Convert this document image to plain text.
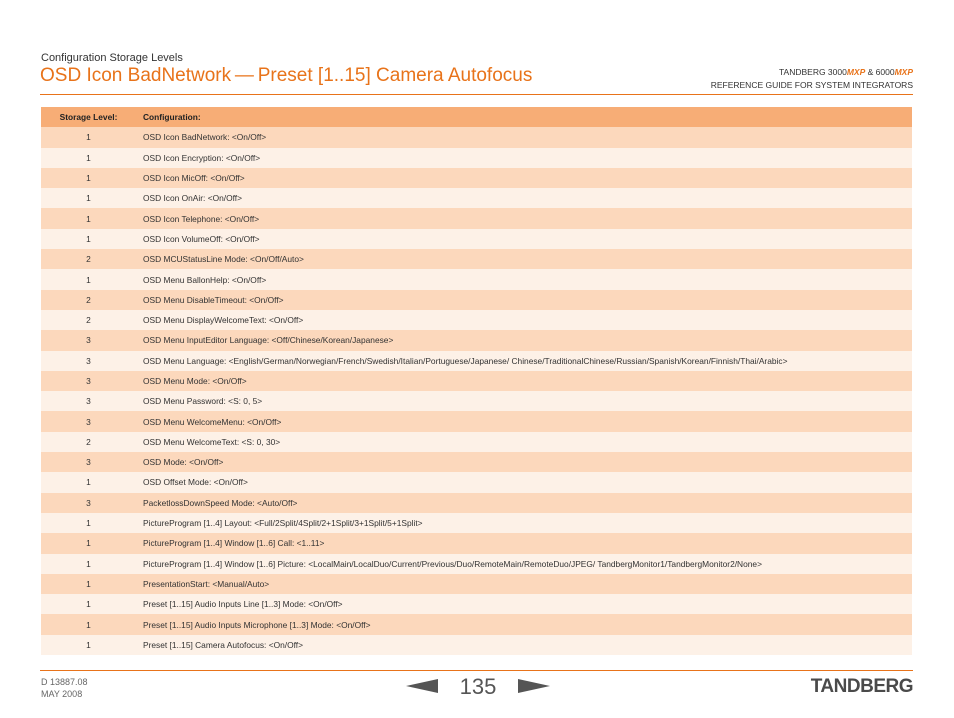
Configuration Storage Levels
OSD Icon BadNetwork — Preset [1..15] Camera Autofocus	TANDBERG 3000MXP & 6000MXP
REFERENCE GUIDE FOR SYSTEM INTEGRATORS
Storage Level:	Configuration:
1	OSD Icon BadNetwork: <On/Off>
1	OSD Icon Encryption: <On/Off>
1	OSD Icon MicOff: <On/Off>
1	OSD Icon OnAir: <On/Off>
1	OSD Icon Telephone: <On/Off>
1	OSD Icon VolumeOff: <On/Off>
2	OSD MCUStatusLine Mode: <On/Off/Auto>
1	OSD Menu BallonHelp: <On/Off>
2	OSD Menu DisableTimeout: <On/Off>
2	OSD Menu DisplayWelcomeText: <On/Off>
3	OSD Menu InputEditor Language: <Off/Chinese/Korean/Japanese>
3	OSD Menu Language: <English/German/Norwegian/French/Swedish/Italian/Portuguese/Japanese/ Chinese/TraditionalChinese/Russian/Spanish/Korean/Finnish/Thai/Arabic>
3	OSD Menu Mode: <On/Off>
3	OSD Menu Password: <S: 0, 5>
3	OSD Menu WelcomeMenu: <On/Off>
2	OSD Menu WelcomeText: <S: 0, 30>
3	OSD Mode: <On/Off>
1	OSD Offset Mode: <On/Off>
3	PacketlossDownSpeed Mode: <Auto/Off>
1	PictureProgram [1..4] Layout: <Full/2Split/4Split/2+1Split/3+1Split/5+1Split>
1	PictureProgram [1..4] Window [1..6] Call: <1..11>
1	PictureProgram [1..4] Window [1..6] Picture: <LocalMain/LocalDuo/Current/Previous/Duo/RemoteMain/RemoteDuo/JPEG/ TandbergMonitor1/TandbergMonitor2/None>
1	PresentationStart: <Manual/Auto>
1	Preset [1..15] Audio Inputs Line [1..3] Mode: <On/Off>
1	Preset [1..15] Audio Inputs Microphone [1..3] Mode: <On/Off>
1	Preset [1..15] Camera Autofocus: <On/Off>
D 13887.08
MAY 2008	135	TANDBERG
